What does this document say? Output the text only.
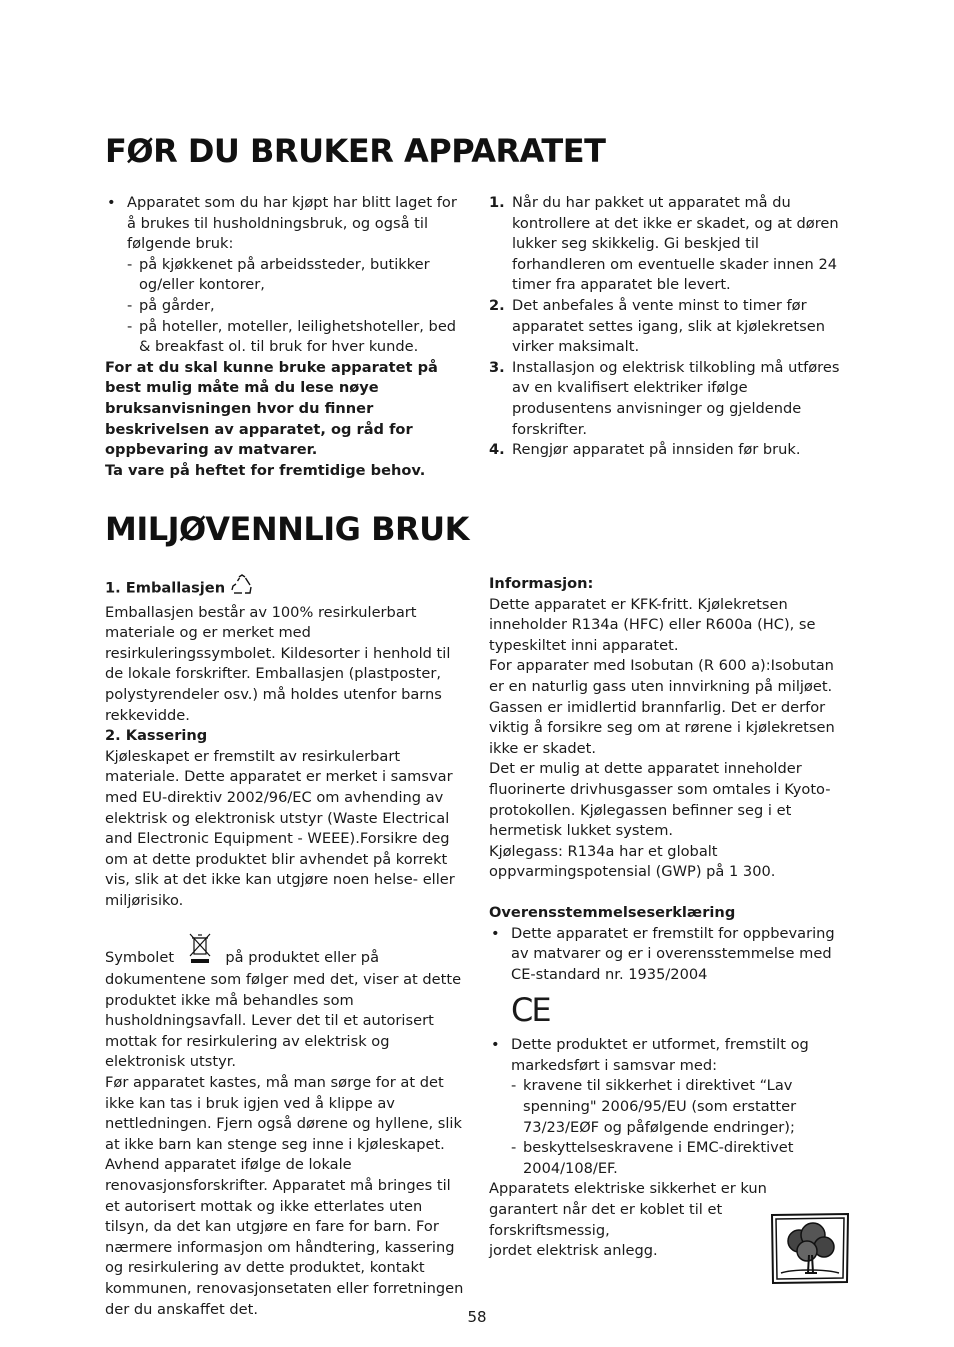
FØR DU BRUKER APPARATET

• Apparatet som du har kjøpt har blitt laget for å brukes til husholdningsbruk, og også til følgende bruk:

- på kjøkkenet på arbeidssteder, butikker og/eller kontorer,

- på gårder,

- på hoteller, moteller, leilighetshoteller, bed & breakfast ol. til bruk for hver kunde.

For at du skal kunne bruke apparatet på best mulig måte må du lese nøye bruksanvisningen hvor du finner beskrivelsen av apparatet, og råd for oppbevaring av matvarer.

Ta vare på heftet for fremtidige behov.

1. Når du har pakket ut apparatet må du kontrollere at det ikke er skadet, og at døren lukker seg skikkelig. Gi beskjed til forhandleren om eventuelle skader innen 24 timer fra apparatet ble levert.

2. Det anbefales å vente minst to timer før apparatet settes igang, slik at kjølekretsen virker maksimalt.

3. Installasjon og elektrisk tilkobling må utføres av en kvalifisert elektriker ifølge produsentens anvisninger og gjeldende forskrifter.

4. Rengjør apparatet på innsiden før bruk.

MILJØVENNLIG BRUK

1. Emballasjen

Emballasjen består av 100% resirkulerbart materiale og er merket med resirkuleringssymbolet. Kildesorter i henhold til de lokale forskrifter. Emballasjen (plastposter, polystyrendeler osv.) må holdes utenfor barns rekkevidde.

2. Kassering

Kjøleskapet er fremstilt av resirkulerbart materiale. Dette apparatet er merket i samsvar med EU-direktiv 2002/96/EC om avhending av elektrisk og elektronisk utstyr (Waste Electrical and Electronic Equipment - WEEE).Forsikre deg om at dette produktet blir avhendet på korrekt vis, slik at det ikke kan utgjøre noen helse- eller miljørisiko.

Symbolet	på produktet eller på dokumentene som følger med det, viser at dette produktet ikke må behandles som husholdningsavfall. Lever det til et autorisert mottak for resirkulering av elektrisk og elektronisk utstyr.

Før apparatet kastes, må man sørge for at det ikke kan tas i bruk igjen ved å klippe av nettledningen. Fjern også dørene og hyllene, slik at ikke barn kan stenge seg inne i kjøleskapet. Avhend apparatet ifølge de lokale renovasjonsforskrifter. Apparatet må bringes til et autorisert mottak og ikke etterlates uten tilsyn, da det kan utgjøre en fare for barn. For nærmere informasjon om håndtering, kassering og resirkulering av dette produktet, kontakt kommunen, renovasjonsetaten eller forretningen der du anskaffet det.

Informasjon:

Dette apparatet er KFK-fritt. Kjølekretsen inneholder R134a (HFC) eller R600a (HC), se typeskiltet inni apparatet.

For apparater med Isobutan (R 600 a):Isobutan er en naturlig gass uten innvirkning på miljøet. Gassen er imidlertid brannfarlig. Det er derfor viktig å forsikre seg om at rørene i kjølekretsen ikke er skadet.

Det er mulig at dette apparatet inneholder fluorinerte drivhusgasser som omtales i Kyoto-protokollen. Kjølegassen befinner seg i et hermetisk lukket system.

Kjølegass: R134a har et globalt oppvarmingspotensial (GWP) på 1 300.

Overensstemmelseserklæring

• Dette apparatet er fremstilt for oppbevaring av matvarer og er i overensstemmelse med CE-standard nr. 1935/2004

CE

• Dette produktet er utformet, fremstilt og markedsført i samsvar med:

- kravene til sikkerhet i direktivet “Lav spenning" 2006/95/EU (som erstatter 73/23/EØF og påfølgende endringer);

- beskyttelseskravene i EMC-direktivet 2004/108/EF.

Apparatets elektriske sikkerhet er kun garantert når det er koblet til et forskriftsmessig,

jordet elektrisk anlegg.

58
